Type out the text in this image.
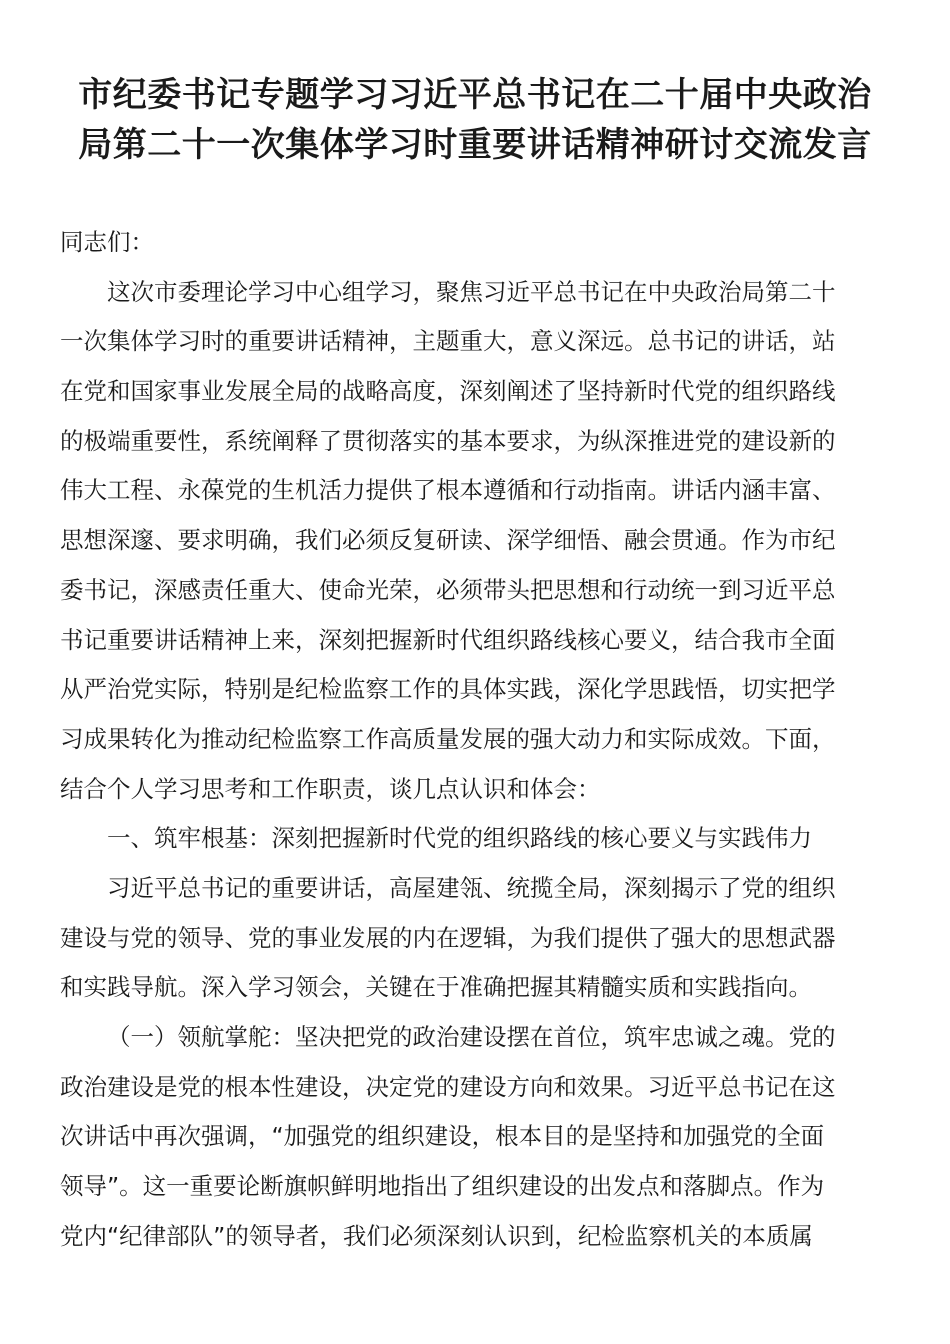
市纪委书记专题学习习近平总书记在二十届中央政治
局第二十一次集体学习时重要讲话精神研讨交流发言
同志们：
这次市委理论学习中心组学习，聚焦习近平总书记在中央政治局第二十
一次集体学习时的重要讲话精神，主题重大，意义深远。总书记的讲话，站
在党和国家事业发展全局的战略高度，深刻阐述了坚持新时代党的组织路线
的极端重要性，系统阐释了贯彻落实的基本要求，为纵深推进党的建设新的
伟大工程、永葆党的生机活力提供了根本遵循和行动指南。讲话内涵丰富、
思想深邃、要求明确，我们必须反复研读、深学细悟、融会贯通。作为市纪
委书记，深感责任重大、使命光荣，必须带头把思想和行动统一到习近平总
书记重要讲话精神上来，深刻把握新时代组织路线核心要义，结合我市全面
从严治党实际，特别是纪检监察工作的具体实践，深化学思践悟，切实把学
习成果转化为推动纪检监察工作高质量发展的强大动力和实际成效。下面，
结合个人学习思考和工作职责，谈几点认识和体会：
一、筑牢根基：深刻把握新时代党的组织路线的核心要义与实践伟力
习近平总书记的重要讲话，高屋建瓴、统揽全局，深刻揭示了党的组织
建设与党的领导、党的事业发展的内在逻辑，为我们提供了强大的思想武器
和实践导航。深入学习领会，关键在于准确把握其精髓实质和实践指向。
（一）领航掌舵：坚决把党的政治建设摆在首位，筑牢忠诚之魂。党的
政治建设是党的根本性建设，决定党的建设方向和效果。习近平总书记在这
次讲话中再次强调，“加强党的组织建设，根本目的是坚持和加强党的全面
领导”。这一重要论断旗帜鲜明地指出了组织建设的出发点和落脚点。作为
党内“纪律部队”的领导者，我们必须深刻认识到，纪检监察机关的本质属
